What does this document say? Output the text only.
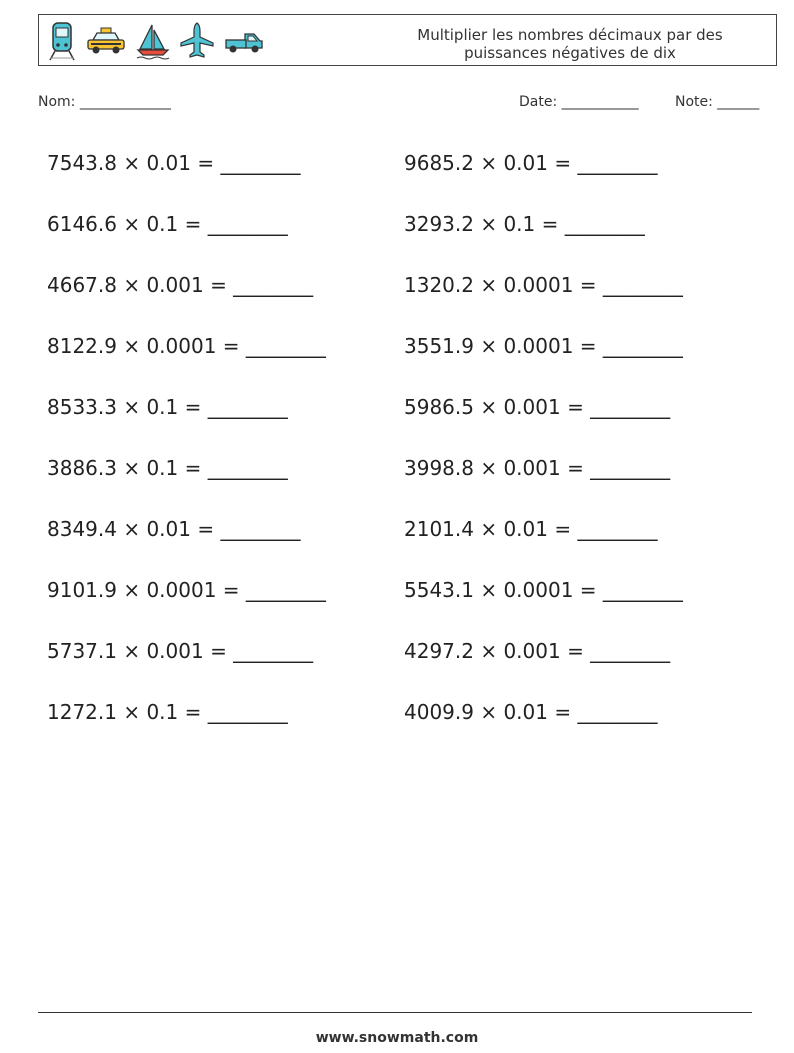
Multiplier les nombres décimaux par des
puissances négatives de dix
Nom: _____________	Date: ___________	Note: ______
7543.8 × 0.01 = ________	9685.2 × 0.01 = ________
6146.6 × 0.1 = ________	3293.2 × 0.1 = ________
4667.8 × 0.001 = ________	1320.2 × 0.0001 = ________
8122.9 × 0.0001 = ________	3551.9 × 0.0001 = ________
8533.3 × 0.1 = ________	5986.5 × 0.001 = ________
3886.3 × 0.1 = ________	3998.8 × 0.001 = ________
8349.4 × 0.01 = ________	2101.4 × 0.01 = ________
9101.9 × 0.0001 = ________	5543.1 × 0.0001 = ________
5737.1 × 0.001 = ________	4297.2 × 0.001 = ________
1272.1 × 0.1 = ________	4009.9 × 0.01 = ________
www.snowmath.com
